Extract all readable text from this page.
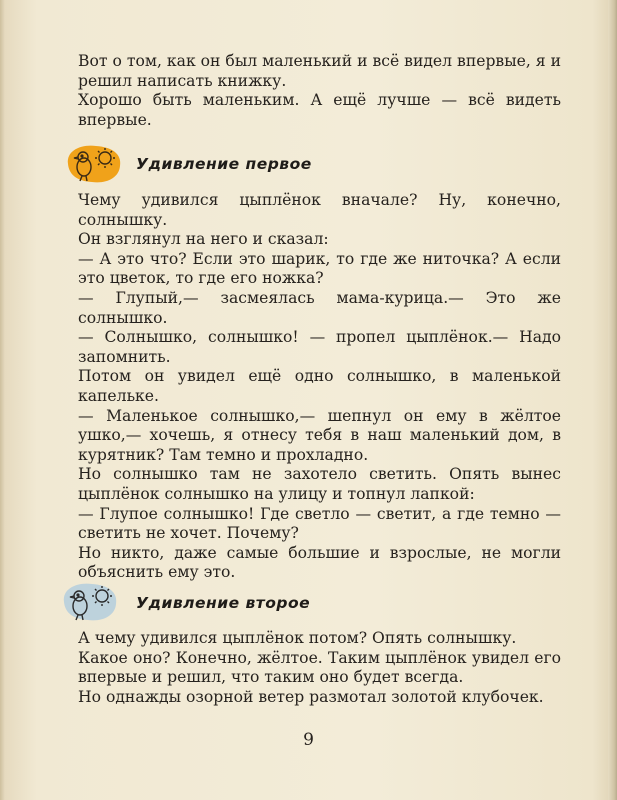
Вот о том, как он был маленький и всё видел впервые, я и решил написать книжку.

Хорошо быть маленьким. А ещё лучше — всё видеть впервые.

Удивление первое

Чему удивился цыплёнок вначале? Ну, конечно, солнышку.

Он взглянул на него и сказал:

— А это что? Если это шарик, то где же ниточка? А если это цветок, то где его ножка?

— Глупый,— засмеялась мама-курица.— Это же солнышко.

— Солнышко, солнышко! — пропел цыплёнок.— Надо запомнить.

Потом он увидел ещё одно солнышко, в маленькой капельке.

— Маленькое солнышко,— шепнул он ему в жёлтое ушко,— хочешь, я отнесу тебя в наш маленький дом, в курятник? Там темно и прохладно.

Но солнышко там не захотело светить. Опять вынес цыплёнок солнышко на улицу и топнул лапкой:

— Глупое солнышко! Где светло — светит, а где темно — светить не хочет. Почему?

Но никто, даже самые большие и взрослые, не могли объяснить ему это.

Удивление второе

А чему удивился цыплёнок потом? Опять солнышку.

Какое оно? Конечно, жёлтое. Таким цыплёнок увидел его впервые и решил, что таким оно будет всегда.

Но однажды озорной ветер размотал золотой клубочек.

9
